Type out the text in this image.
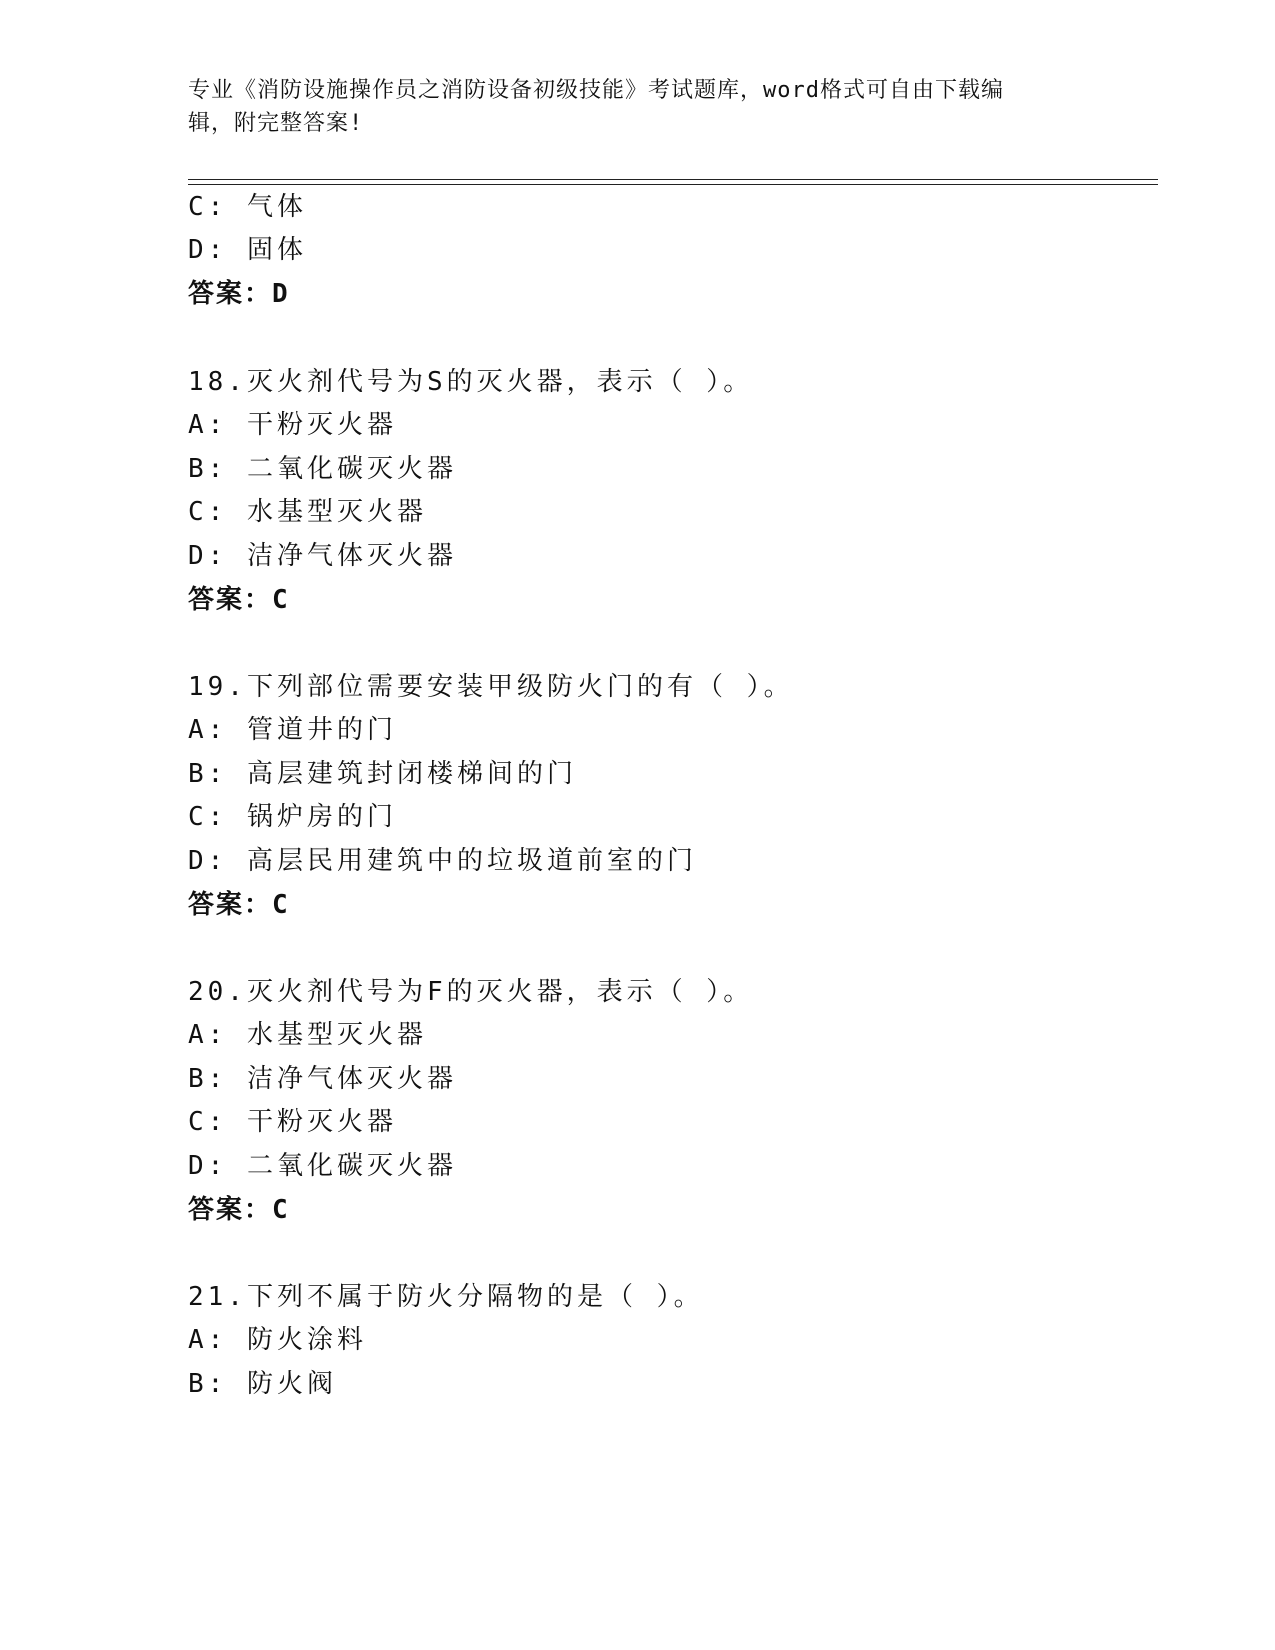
专业《消防设施操作员之消防设备初级技能》考试题库，word格式可自由下载编
辑，附完整答案!
C: 气体
D: 固体
答案：D
18.灭火剂代号为S的灭火器，表示（ ）。
A: 干粉灭火器
B: 二氧化碳灭火器
C: 水基型灭火器
D: 洁净气体灭火器
答案：C
19.下列部位需要安装甲级防火门的有（ ）。
A: 管道井的门
B: 高层建筑封闭楼梯间的门
C: 锅炉房的门
D: 高层民用建筑中的垃圾道前室的门
答案：C
20.灭火剂代号为F的灭火器，表示（ ）。
A: 水基型灭火器
B: 洁净气体灭火器
C: 干粉灭火器
D: 二氧化碳灭火器
答案：C
21.下列不属于防火分隔物的是（ ）。
A: 防火涂料
B: 防火阀
